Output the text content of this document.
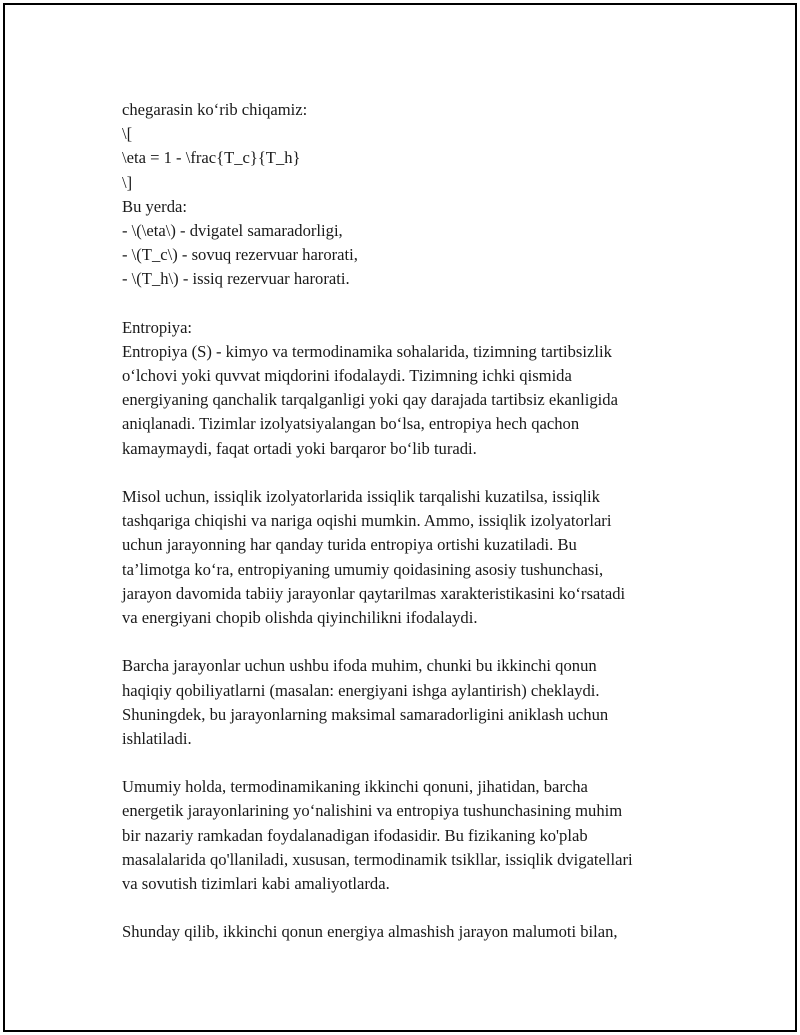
chegarasin ko‘rib chiqamiz:
\[
\eta = 1 - \frac{T_c}{T_h}
\]
Bu yerda:
- \(\eta\) - dvigatel samaradorligi,
- \(T_c\) - sovuq rezervuar harorati,
- \(T_h\) - issiq rezervuar harorati.
Entropiya:
Entropiya (S) - kimyo va termodinamika sohalarida, tizimning tartibsizlik
o‘lchovi yoki quvvat miqdorini ifodalaydi. Tizimning ichki qismida
energiyaning qanchalik tarqalganligi yoki qay darajada tartibsiz ekanligida
aniqlanadi. Tizimlar izolyatsiyalangan bo‘lsa, entropiya hech qachon
kamaymaydi, faqat ortadi yoki barqaror bo‘lib turadi.
Misol uchun, issiqlik izolyatorlarida issiqlik tarqalishi kuzatilsa, issiqlik
tashqariga chiqishi va nariga oqishi mumkin. Ammo, issiqlik izolyatorlari
uchun jarayonning har qanday turida entropiya ortishi kuzatiladi. Bu
ta’limotga ko‘ra, entropiyaning umumiy qoidasining asosiy tushunchasi,
jarayon davomida tabiiy jarayonlar qaytarilmas xarakteristikasini ko‘rsatadi
va energiyani chopib olishda qiyinchilikni ifodalaydi.
Barcha jarayonlar uchun ushbu ifoda muhim, chunki bu ikkinchi qonun
haqiqiy qobiliyatlarni (masalan: energiyani ishga aylantirish) cheklaydi.
Shuningdek, bu jarayonlarning maksimal samaradorligini aniklash uchun
ishlatiladi.
Umumiy holda, termodinamikaning ikkinchi qonuni, jihatidan, barcha
energetik jarayonlarining yo‘nalishini va entropiya tushunchasining muhim
bir nazariy ramkadan foydalanadigan ifodasidir. Bu fizikaning ko'plab
masalalarida qo'llaniladi, xususan, termodinamik tsikllar, issiqlik dvigatellari
va sovutish tizimlari kabi amaliyotlarda.
Shunday qilib, ikkinchi qonun energiya almashish jarayon malumoti bilan,
